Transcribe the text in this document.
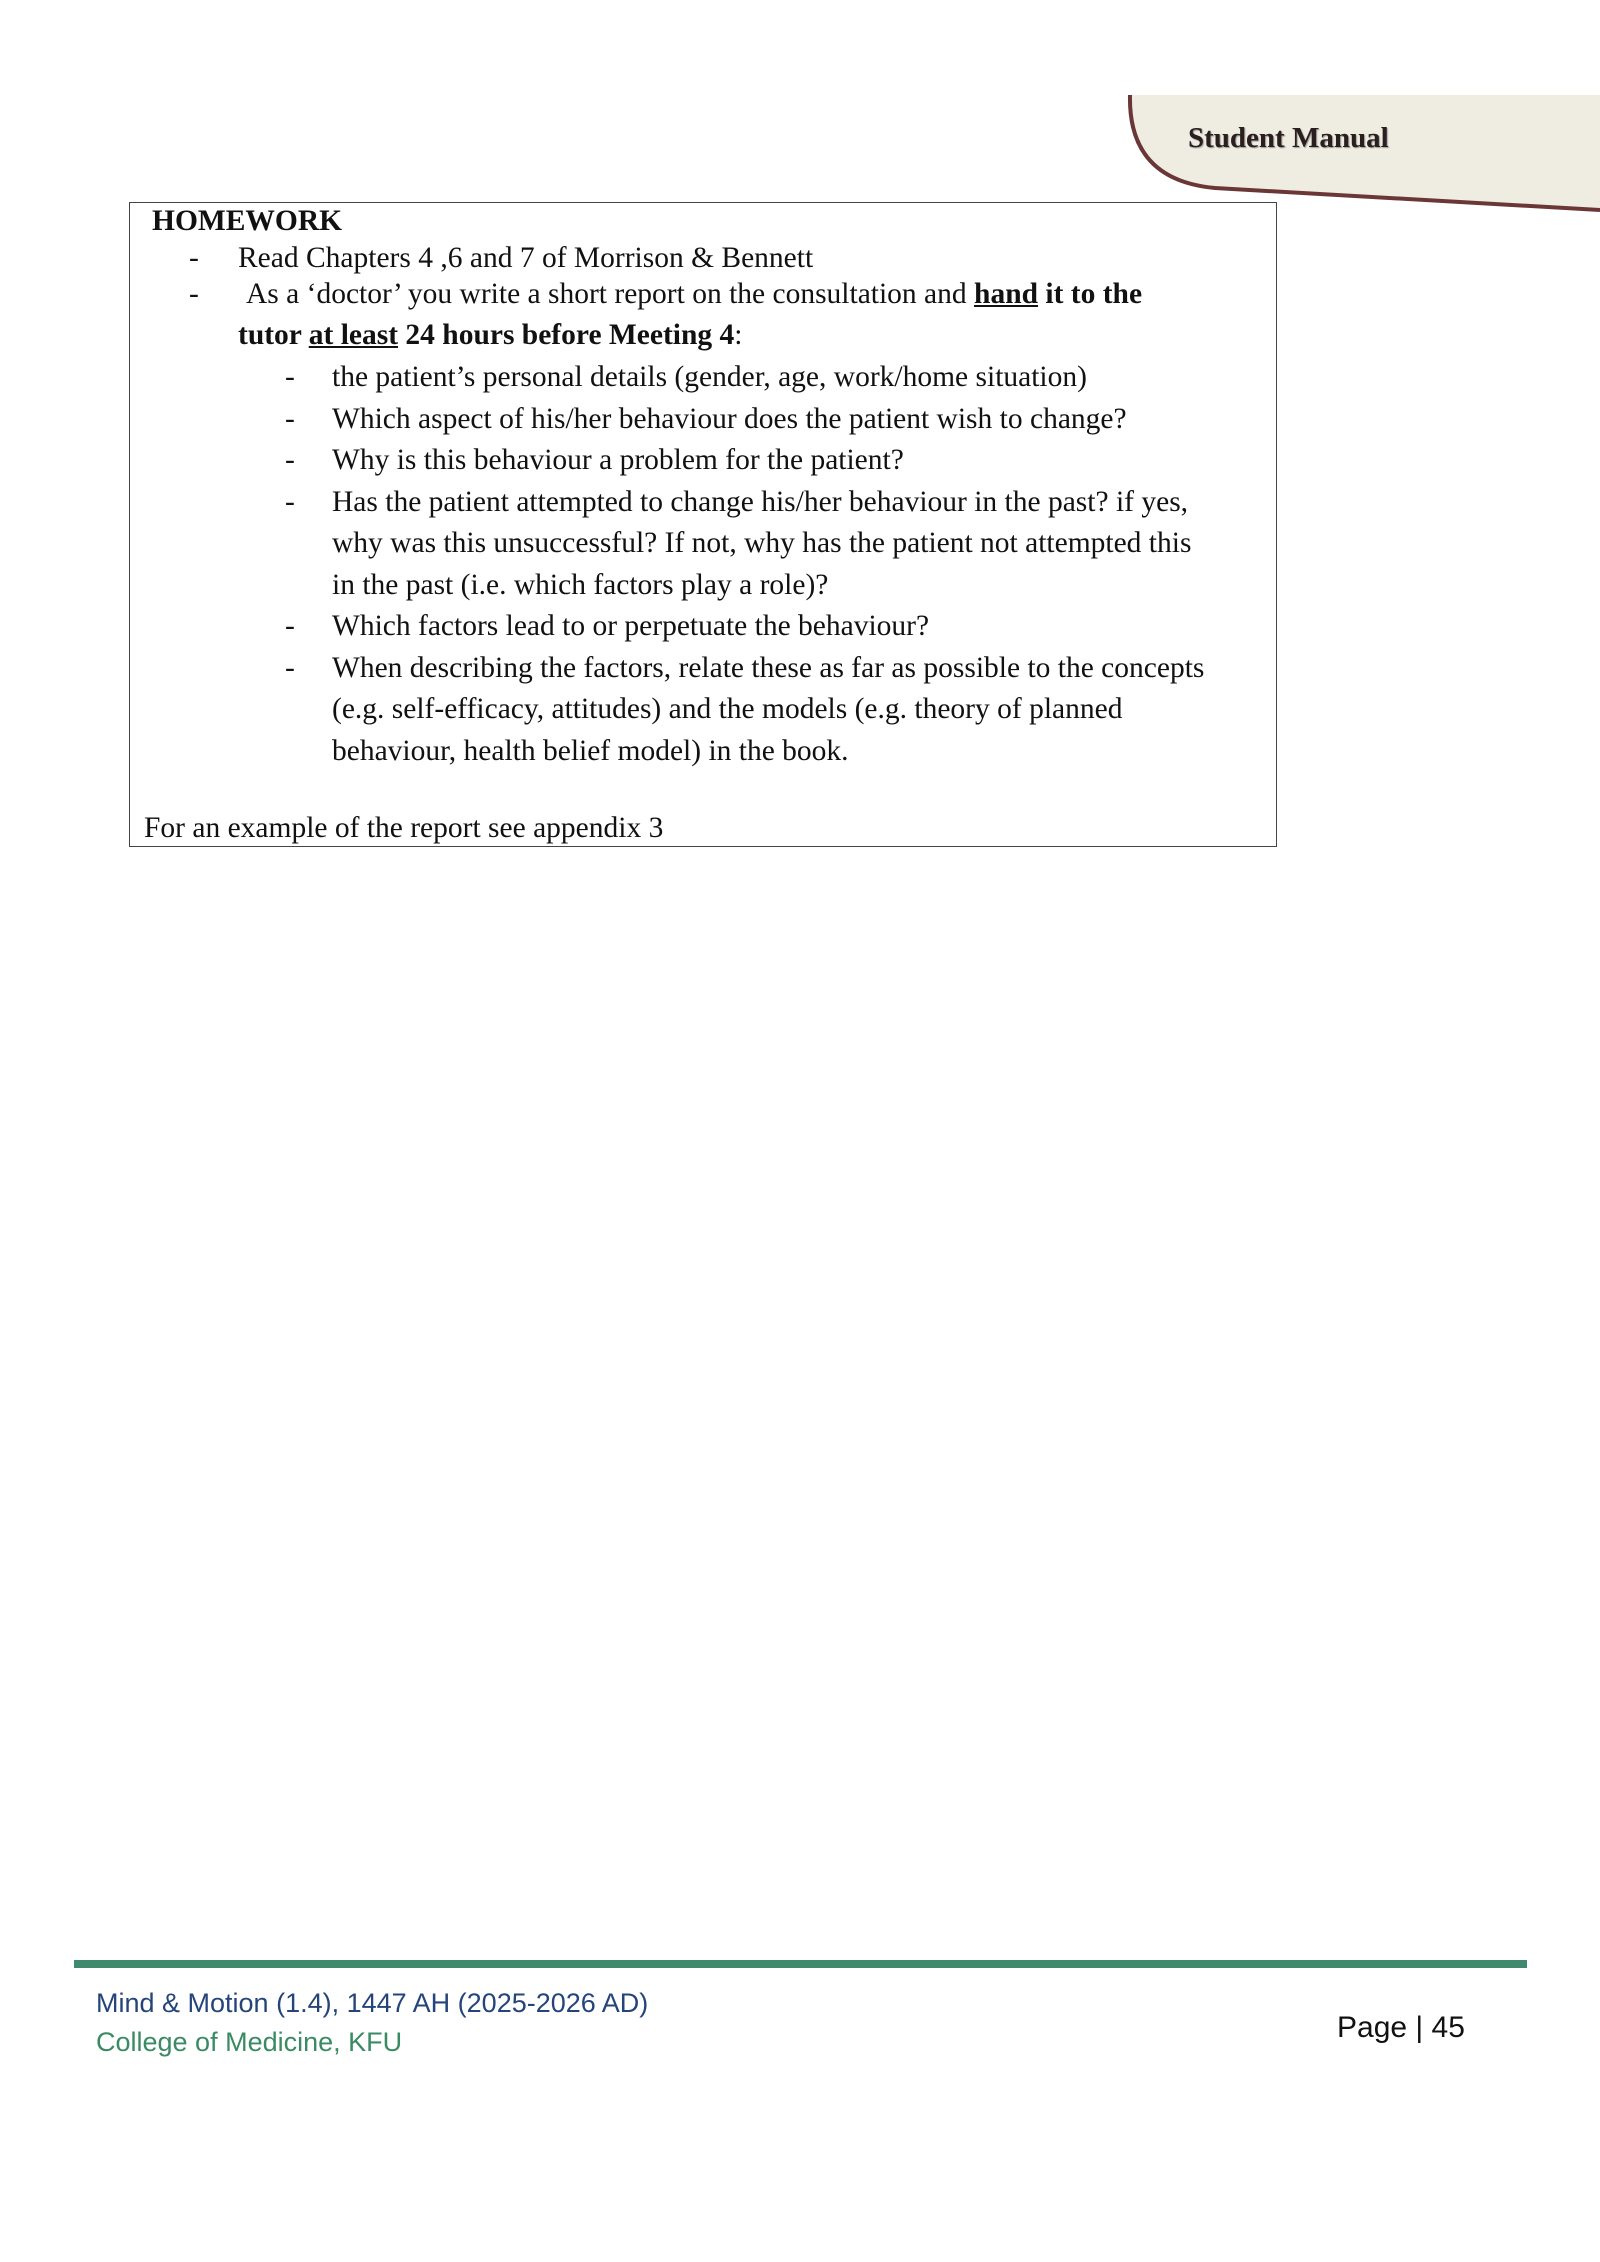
Student Manual
HOMEWORK
- Read Chapters 4 ,6 and 7 of Morrison & Bennett
- As a ‘doctor’ you write a short report on the consultation and hand it to the
tutor at least 24 hours before Meeting 4:
- the patient’s personal details (gender, age, work/home situation)
- Which aspect of his/her behaviour does the patient wish to change?
- Why is this behaviour a problem for the patient?
- Has the patient attempted to change his/her behaviour in the past? if yes,
why was this unsuccessful? If not, why has the patient not attempted this
in the past (i.e. which factors play a role)?
- Which factors lead to or perpetuate the behaviour?
- When describing the factors, relate these as far as possible to the concepts
(e.g. self-efficacy, attitudes) and the models (e.g. theory of planned
behaviour, health belief model) in the book.
For an example of the report see appendix 3
Mind & Motion (1.4), 1447 AH (2025-2026 AD)
College of Medicine, KFU	Page | 45
